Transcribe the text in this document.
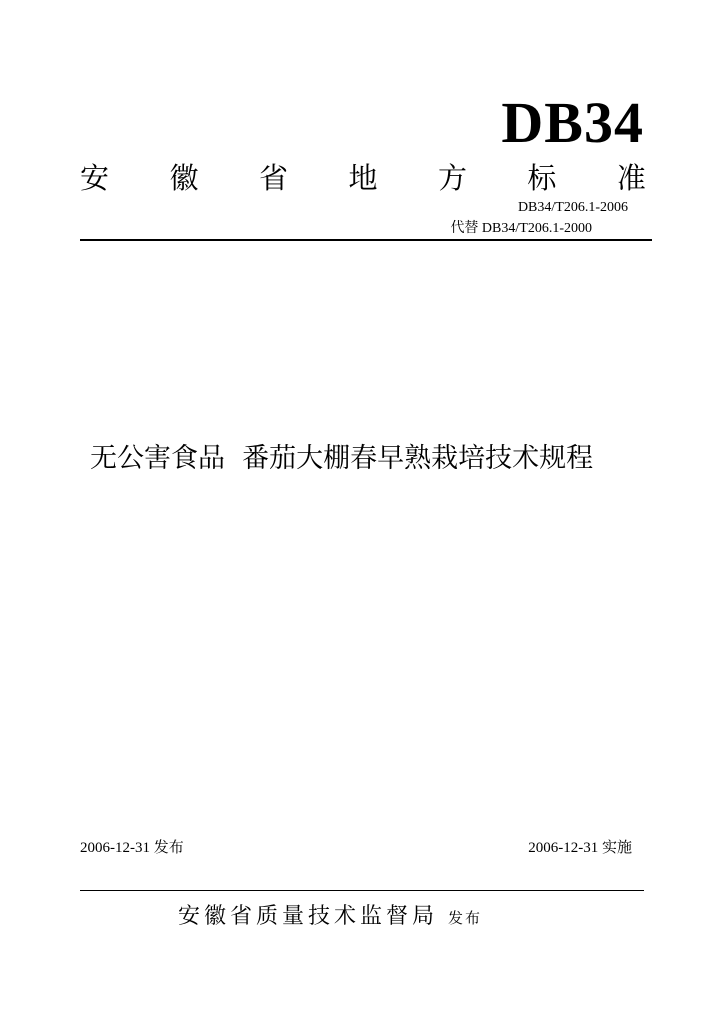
DB34
安 徽 省 地 方 标 准
DB34/T206.1-2006
代替 DB34/T206.1-2000
无公害食品  番茄大棚春早熟栽培技术规程
2006-12-31 发布	2006-12-31 实施
安徽省质量技术监督局 发布
